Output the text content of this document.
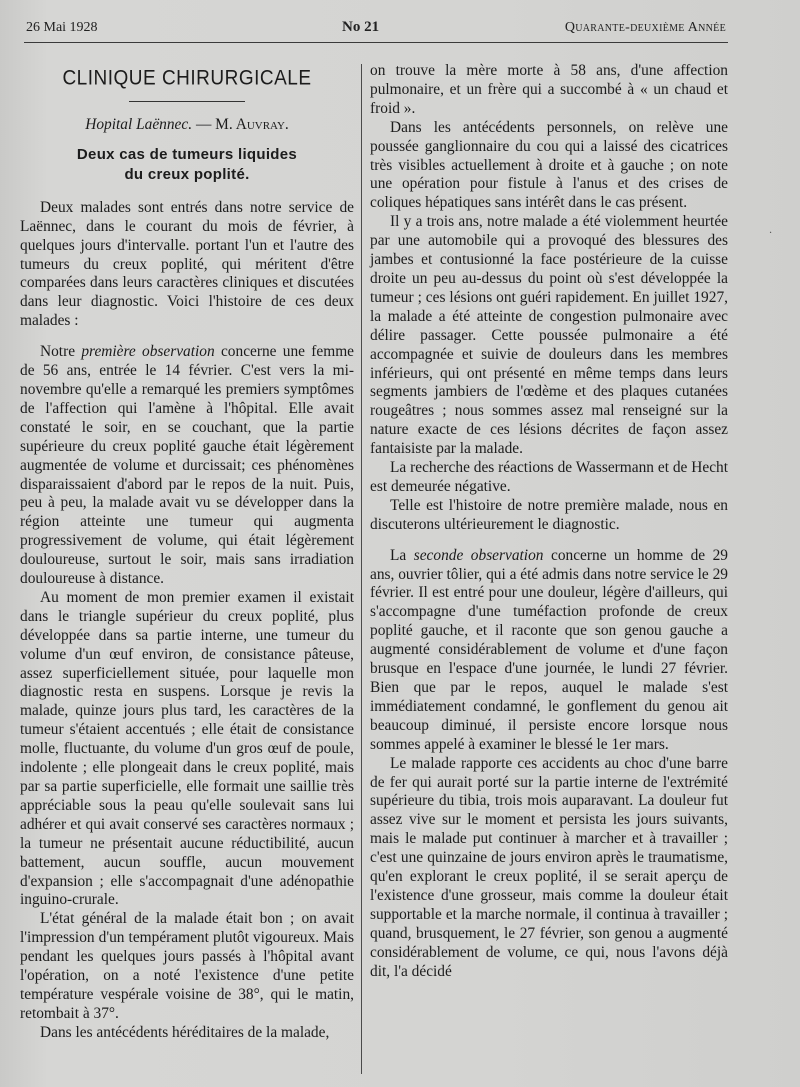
26 Mai 1928	No 21	Quarante-deuxième Année
CLINIQUE CHIRURGICALE
Hopital Laënnec. — M. Auvray.
Deux cas de tumeurs liquides
du creux poplité.

Deux malades sont entrés dans notre service de Laënnec, dans le courant du mois de février, à quelques jours d'intervalle. portant l'un et l'autre des tumeurs du creux poplité, qui méritent d'être comparées dans leurs caractères cliniques et discutées dans leur diagnostic. Voici l'histoire de ces deux malades :

Notre première observation concerne une femme de 56 ans, entrée le 14 février. C'est vers la mi-novembre qu'elle a remarqué les premiers symptômes de l'affection qui l'amène à l'hôpital. Elle avait constaté le soir, en se couchant, que la partie supérieure du creux poplité gauche était légèrement augmentée de volume et durcissait; ces phénomènes disparaissaient d'abord par le repos de la nuit. Puis, peu à peu, la malade avait vu se développer dans la région atteinte une tumeur qui augmenta progressivement de volume, qui était légèrement douloureuse, surtout le soir, mais sans irradiation douloureuse à distance.

Au moment de mon premier examen il existait dans le triangle supérieur du creux poplité, plus développée dans sa partie interne, une tumeur du volume d'un œuf environ, de consistance pâteuse, assez superficiellement située, pour laquelle mon diagnostic resta en suspens. Lorsque je revis la malade, quinze jours plus tard, les caractères de la tumeur s'étaient accentués ; elle était de consistance molle, fluctuante, du volume d'un gros œuf de poule, indolente ; elle plongeait dans le creux poplité, mais par sa partie superficielle, elle formait une saillie très appréciable sous la peau qu'elle soulevait sans lui adhérer et qui avait conservé ses caractères normaux ; la tumeur ne présentait aucune réductibilité, aucun battement, aucun souffle, aucun mouvement d'expansion ; elle s'accompagnait d'une adénopathie inguino-crurale.

L'état général de la malade était bon ; on avait l'impression d'un tempérament plutôt vigoureux. Mais pendant les quelques jours passés à l'hôpital avant l'opération, on a noté l'existence d'une petite température vespérale voisine de 38°, qui le matin, retombait à 37°.

Dans les antécédents héréditaires de la malade,

on trouve la mère morte à 58 ans, d'une affection pulmonaire, et un frère qui a succombé à « un chaud et froid ».

Dans les antécédents personnels, on relève une poussée ganglionnaire du cou qui a laissé des cicatrices très visibles actuellement à droite et à gauche ; on note une opération pour fistule à l'anus et des crises de coliques hépatiques sans intérêt dans le cas présent.

Il y a trois ans, notre malade a été violemment heurtée par une automobile qui a provoqué des blessures des jambes et contusionné la face postérieure de la cuisse droite un peu au-dessus du point où s'est développée la tumeur ; ces lésions ont guéri rapidement. En juillet 1927, la malade a été atteinte de congestion pulmonaire avec délire passager. Cette poussée pulmonaire a été accompagnée et suivie de douleurs dans les membres inférieurs, qui ont présenté en même temps dans leurs segments jambiers de l'œdème et des plaques cutanées rougeâtres ; nous sommes assez mal renseigné sur la nature exacte de ces lésions décrites de façon assez fantaisiste par la malade.

La recherche des réactions de Wassermann et de Hecht est demeurée négative.

Telle est l'histoire de notre première malade, nous en discuterons ultérieurement le diagnostic.

La seconde observation concerne un homme de 29 ans, ouvrier tôlier, qui a été admis dans notre service le 29 février. Il est entré pour une douleur, légère d'ailleurs, qui s'accompagne d'une tuméfaction profonde de creux poplité gauche, et il raconte que son genou gauche a augmenté considérablement de volume et d'une façon brusque en l'espace d'une journée, le lundi 27 février. Bien que par le repos, auquel le malade s'est immédiatement condamné, le gonflement du genou ait beaucoup diminué, il persiste encore lorsque nous sommes appelé à examiner le blessé le 1er mars.

Le malade rapporte ces accidents au choc d'une barre de fer qui aurait porté sur la partie interne de l'extrémité supérieure du tibia, trois mois auparavant. La douleur fut assez vive sur le moment et persista les jours suivants, mais le malade put continuer à marcher et à travailler ; c'est une quinzaine de jours environ après le traumatisme, qu'en explorant le creux poplité, il se serait aperçu de l'existence d'une grosseur, mais comme la douleur était supportable et la marche normale, il continua à travailler ; quand, brusquement, le 27 février, son genou a augmenté considérablement de volume, ce qui, nous l'avons déjà dit, l'a décidé

·
